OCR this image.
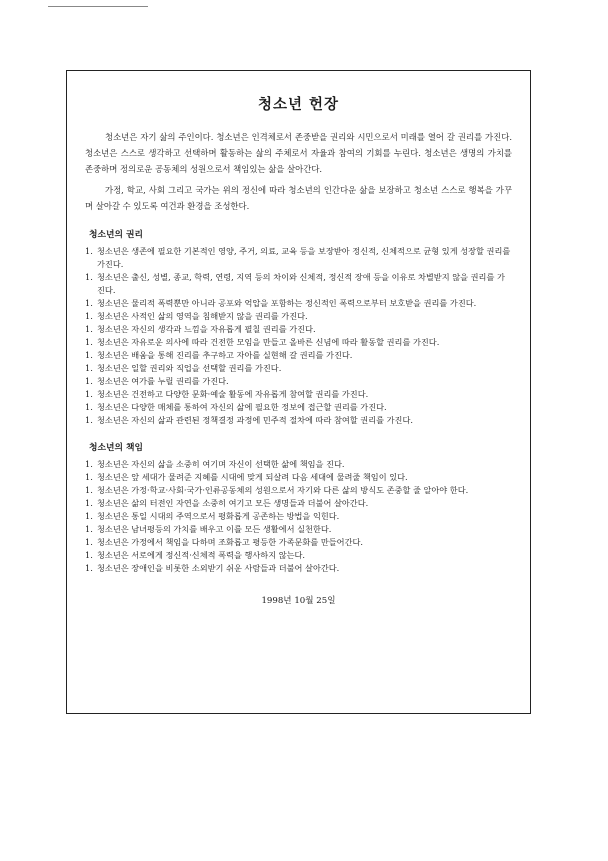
청소년 헌장

청소년은 자기 삶의 주인이다. 청소년은 인격체로서 존중받을 권리와 시민으로서 미래를 열어 갈 권리를 가진다. 청소년은 스스로 생각하고 선택하며 활동하는 삶의 주체로서 자율과 참여의 기회를 누린다. 청소년은 생명의 가치를 존중하며 정의로운 공동체의 성원으로서 책임있는 삶을 살아간다.

가정, 학교, 사회 그리고 국가는 위의 정신에 따라 청소년의 인간다운 삶을 보장하고 청소년 스스로 행복을 가꾸며 살아갈 수 있도록 여건과 환경을 조성한다.

청소년의 권리
1. 청소년은 생존에 필요한 기본적인 영양, 주거, 의료, 교육 등을 보장받아 정신적, 신체적으로 균형 있게 성장할 권리를 가진다.
1. 청소년은 출신, 성별, 종교, 학력, 연령, 지역 등의 차이와 신체적, 정신적 장애 등을 이유로 차별받지 않을 권리를 가진다.
1. 청소년은 물리적 폭력뿐만 아니라 공포와 억압을 포함하는 정신적인 폭력으로부터 보호받을 권리를 가진다.
1. 청소년은 사적인 삶의 영역을 침해받지 않을 권리를 가진다.
1. 청소년은 자신의 생각과 느낌을 자유롭게 펼칠 권리를 가진다.
1. 청소년은 자유로운 의사에 따라 건전한 모임을 만들고 올바른 신념에 따라 활동할 권리를 가진다.
1. 청소년은 배움을 통해 진리를 추구하고 자아를 실현해 갈 권리를 가진다.
1. 청소년은 일할 권리와 직업을 선택할 권리를 가진다.
1. 청소년은 여가를 누릴 권리를 가진다.
1. 청소년은 건전하고 다양한 문화·예술 활동에 자유롭게 참여할 권리를 가진다.
1. 청소년은 다양한 매체를 통하여 자신의 삶에 필요한 정보에 접근할 권리를 가진다.
1. 청소년은 자신의 삶과 관련된 정책결정 과정에 민주적 절차에 따라 참여할 권리를 가진다.
청소년의 책임
1. 청소년은 자신의 삶을 소중히 여기며 자신이 선택한 삶에 책임을 진다.
1. 청소년은 앞 세대가 물려준 지혜를 시대에 맞게 되살려 다음 세대에 물려줄 책임이 있다.
1. 청소년은 가정·학교·사회·국가·인류공동체의 성원으로서 자기와 다른 삶의 방식도 존중할 줄 알아야 한다.
1. 청소년은 삶의 터전인 자연을 소중히 여기고 모든 생명들과 더불어 살아간다.
1. 청소년은 통일 시대의 주역으로서 평화롭게 공존하는 방법을 익힌다.
1. 청소년은 남녀평등의 가치를 배우고 이를 모든 생활에서 실천한다.
1. 청소년은 가정에서 책임을 다하며 조화롭고 평등한 가족문화를 만들어간다.
1. 청소년은 서로에게 정신적·신체적 폭력을 행사하지 않는다.
1. 청소년은 장애인을 비롯한 소외받기 쉬운 사람들과 더불어 살아간다.
1998년 10월 25일
